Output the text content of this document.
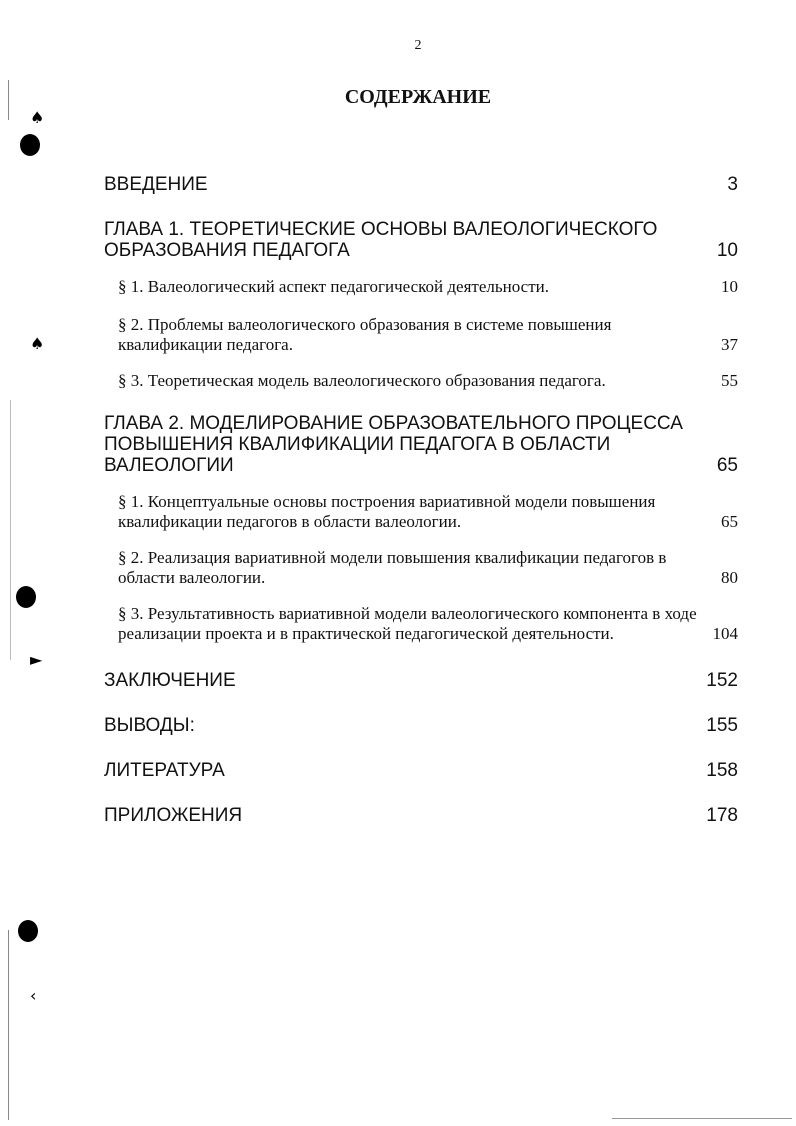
♠
♠
►
‹
2
СОДЕРЖАНИЕ
ВВЕДЕНИЕ	3
ГЛАВА 1. ТЕОРЕТИЧЕСКИЕ ОСНОВЫ ВАЛЕОЛОГИЧЕСКОГО ОБРАЗОВАНИЯ ПЕДАГОГА	10
§ 1. Валеологический аспект педагогической деятельности.	10
§ 2. Проблемы валеологического образования в системе повышения квалификации педагога.	37
§ 3. Теоретическая модель валеологического образования педагога.	55
ГЛАВА 2. МОДЕЛИРОВАНИЕ ОБРАЗОВАТЕЛЬНОГО ПРОЦЕССА ПОВЫШЕНИЯ КВАЛИФИКАЦИИ ПЕДАГОГА В ОБЛАСТИ ВАЛЕОЛОГИИ	65
§ 1. Концептуальные основы построения вариативной модели повышения квалификации педагогов в области валеологии.	65
§ 2. Реализация вариативной модели повышения квалификации педагогов в области валеологии.	80
§ 3. Результативность вариативной модели валеологического компонента в ходе реализации проекта и в практической педагогической деятельности.	104
ЗАКЛЮЧЕНИЕ	152
ВЫВОДЫ:	155
ЛИТЕРАТУРА	158
ПРИЛОЖЕНИЯ	178
